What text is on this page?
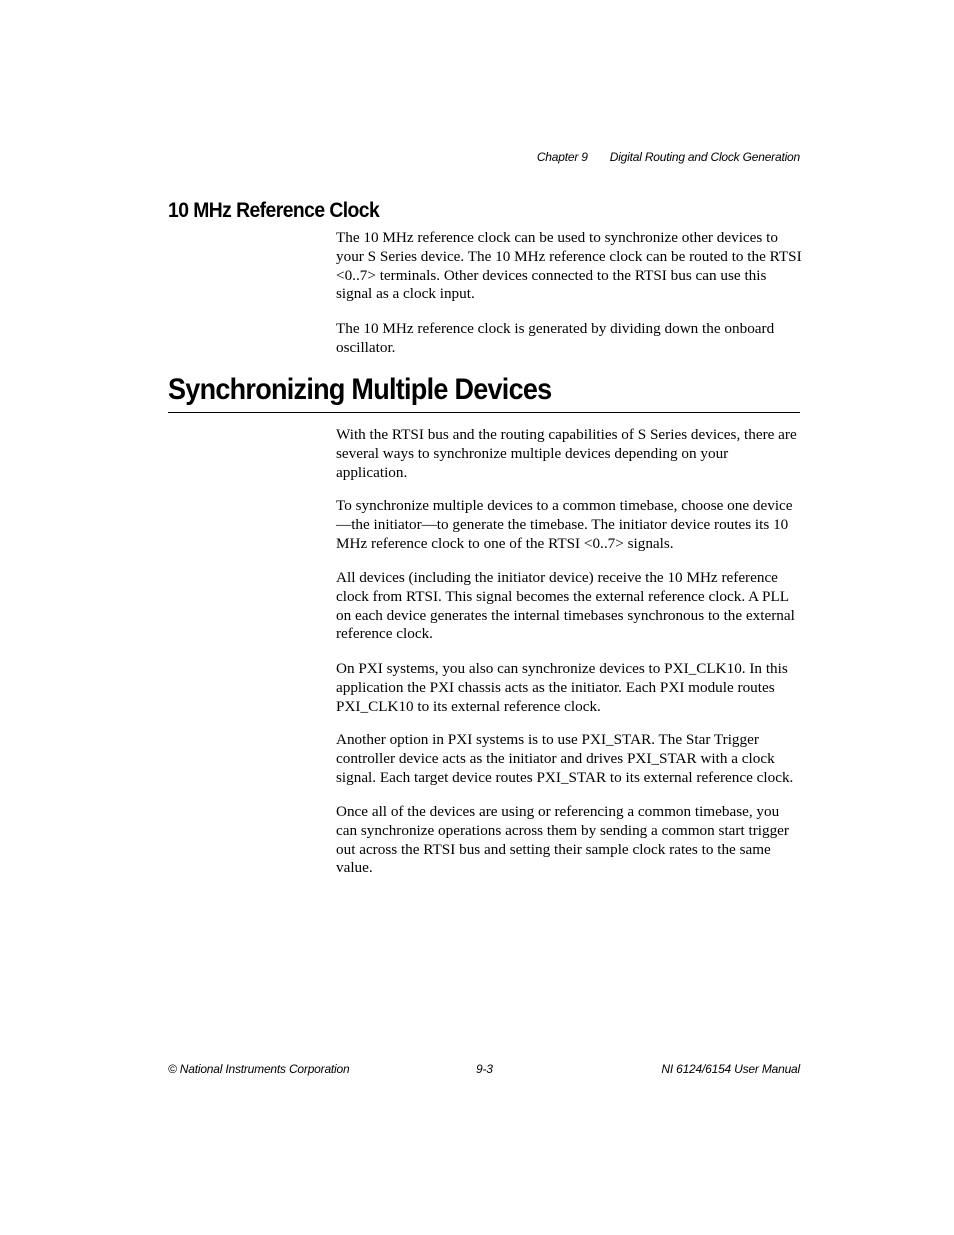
Chapter 9 Digital Routing and Clock Generation
10 MHz Reference Clock

The 10 MHz reference clock can be used to synchronize other devices to your S Series device. The 10 MHz reference clock can be routed to the RTSI <0..7> terminals. Other devices connected to the RTSI bus can use this signal as a clock input.

The 10 MHz reference clock is generated by dividing down the onboard oscillator.

Synchronizing Multiple Devices

With the RTSI bus and the routing capabilities of S Series devices, there are several ways to synchronize multiple devices depending on your application.

To synchronize multiple devices to a common timebase, choose one device—the initiator—to generate the timebase. The initiator device routes its 10 MHz reference clock to one of the RTSI <0..7> signals.

All devices (including the initiator device) receive the 10 MHz reference clock from RTSI. This signal becomes the external reference clock. A PLL on each device generates the internal timebases synchronous to the external reference clock.

On PXI systems, you also can synchronize devices to PXI_CLK10. In this application the PXI chassis acts as the initiator. Each PXI module routes PXI_CLK10 to its external reference clock.

Another option in PXI systems is to use PXI_STAR. The Star Trigger controller device acts as the initiator and drives PXI_STAR with a clock signal. Each target device routes PXI_STAR to its external reference clock.

Once all of the devices are using or referencing a common timebase, you can synchronize operations across them by sending a common start trigger out across the RTSI bus and setting their sample clock rates to the same value.

© National Instruments Corporation	9-3	NI 6124/6154 User Manual
